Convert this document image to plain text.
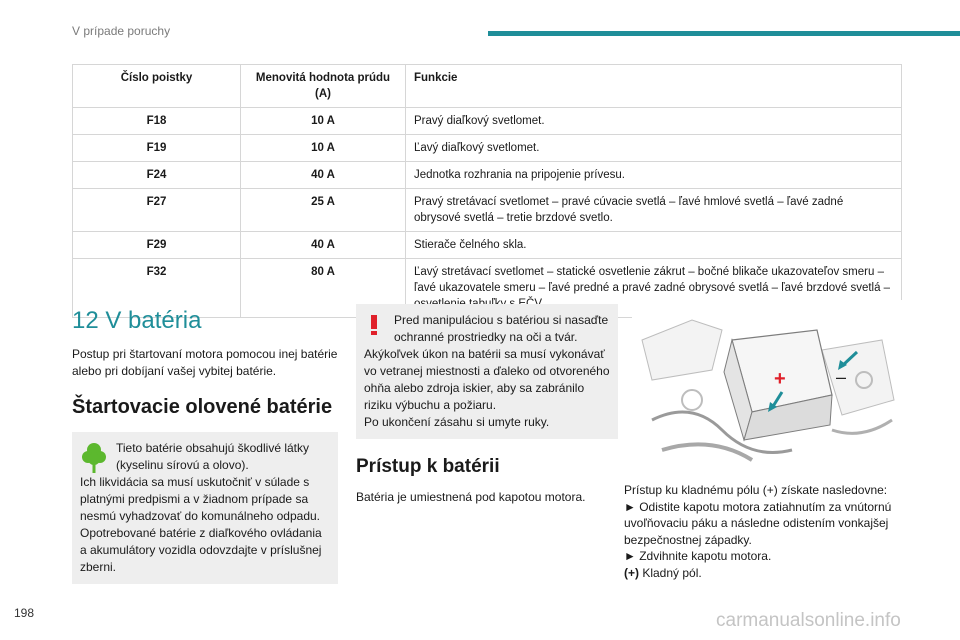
V prípade poruchy
Číslo poistky	Menovitá hodnota prúdu (A)	Funkcie
F18	10 A	Pravý diaľkový svetlomet.
F19	10 A	Ľavý diaľkový svetlomet.
F24	40 A	Jednotka rozhrania na pripojenie prívesu.
F27	25 A	Pravý stretávací svetlomet – pravé cúvacie svetlá – ľavé hmlové svetlá – ľavé zadné obrysové svetlá – tretie brzdové svetlo.
F29	40 A	Stierače čelného skla.
F32	80 A	Ľavý stretávací svetlomet – statické osvetlenie zákrut – bočné blikače ukazovateľov smeru – ľavé ukazovatele smeru – ľavé predné a pravé zadné obrysové svetlá – ľavé brzdové svetlá –
12 V batéria

Postup pri štartovaní motora pomocou inej batérie alebo pri dobíjaní vašej vybitej batérie.

Štartovacie olovené batérie
Tieto batérie obsahujú škodlivé látky (kyselinu sírovú a olovo).
Ich likvidácia sa musí uskutočniť v súlade s platnými predpismi a v žiadnom prípade sa nesmú vyhadzovať do komunálneho odpadu. Opotrebované batérie z diaľkového ovládania a akumulátory vozidla odovzdajte v príslušnej zberni.
Pred manipuláciou s batériou si nasaďte ochranné prostriedky na oči a tvár.
Akýkoľvek úkon na batérii sa musí vykonávať vo vetranej miestnosti a ďaleko od otvoreného ohňa alebo zdroja iskier, aby sa zabránilo riziku výbuchu a požiaru.
Po ukončení zásahu si umyte ruky.
Prístup k batérii

Batéria je umiestnená pod kapotou motora.

+	–

Prístup ku kladnému pólu (+) získate nasledovne:

► Odistite kapotu motora zatiahnutím za vnútornú uvoľňovaciu páku a následne odistením vonkajšej bezpečnostnej západky.

► Zdvihnite kapotu motora.

(+) Kladný pól.

198	carmanualsonline.info
